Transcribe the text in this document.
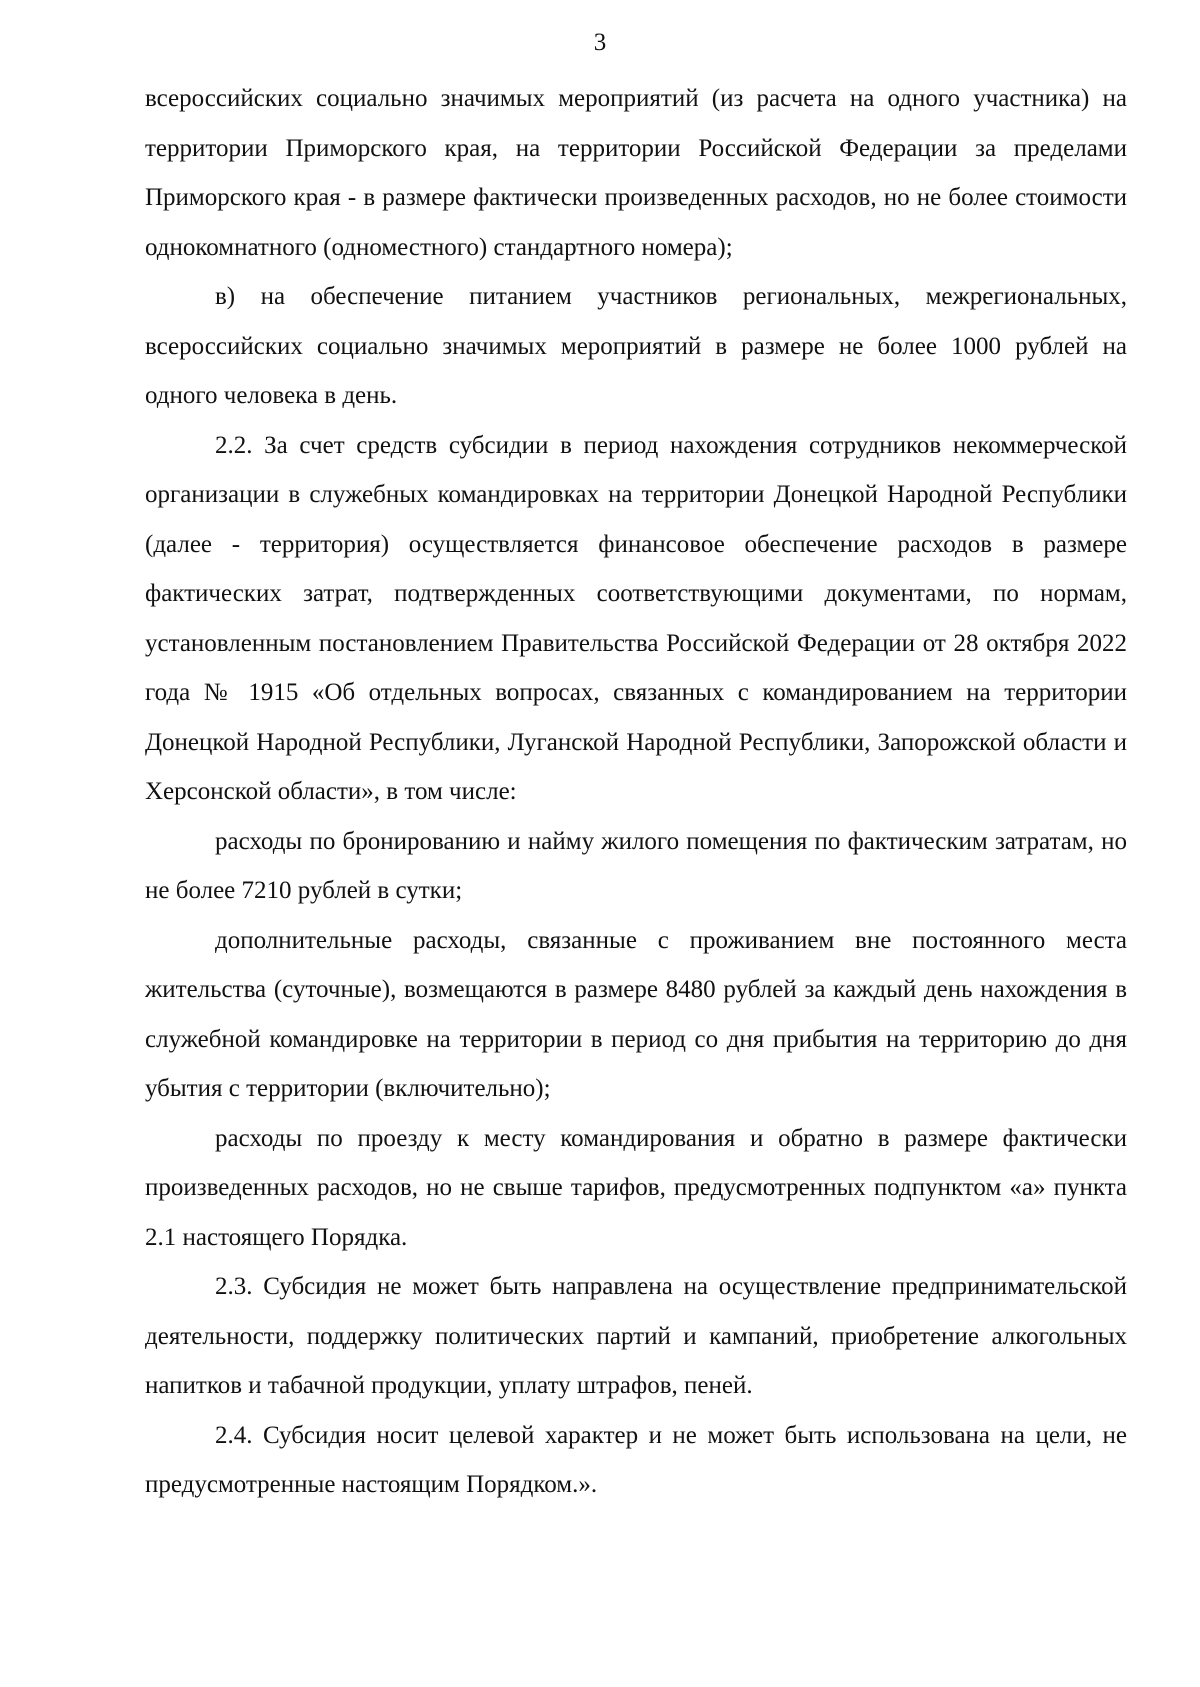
3

всероссийских социально значимых мероприятий (из расчета на одного участника) на территории Приморского края, на территории Российской Федерации за пределами Приморского края - в размере фактически произведенных расходов, но не более стоимости однокомнатного (одноместного) стандартного номера);

в) на обеспечение питанием участников региональных, межрегиональных, всероссийских социально значимых мероприятий в размере не более 1000 рублей на одного человека в день.

2.2. За счет средств субсидии в период нахождения сотрудников некоммерческой организации в служебных командировках на территории Донецкой Народной Республики (далее - территория) осуществляется финансовое обеспечение расходов в размере фактических затрат, подтвержденных соответствующими документами, по нормам, установленным постановлением Правительства Российской Федерации от 28 октября 2022 года № 1915 «Об отдельных вопросах, связанных с командированием на территории Донецкой Народной Республики, Луганской Народной Республики, Запорожской области и Херсонской области», в том числе:

расходы по бронированию и найму жилого помещения по фактическим затратам, но не более 7210 рублей в сутки;

дополнительные расходы, связанные с проживанием вне постоянного места жительства (суточные), возмещаются в размере 8480 рублей за каждый день нахождения в служебной командировке на территории в период со дня прибытия на территорию до дня убытия с территории (включительно);

расходы по проезду к месту командирования и обратно в размере фактически произведенных расходов, но не свыше тарифов, предусмотренных подпунктом «а» пункта 2.1 настоящего Порядка.

2.3. Субсидия не может быть направлена на осуществление предпринимательской деятельности, поддержку политических партий и кампаний, приобретение алкогольных напитков и табачной продукции, уплату штрафов, пеней.

2.4. Субсидия носит целевой характер и не может быть использована на цели, не предусмотренные настоящим Порядком.».
